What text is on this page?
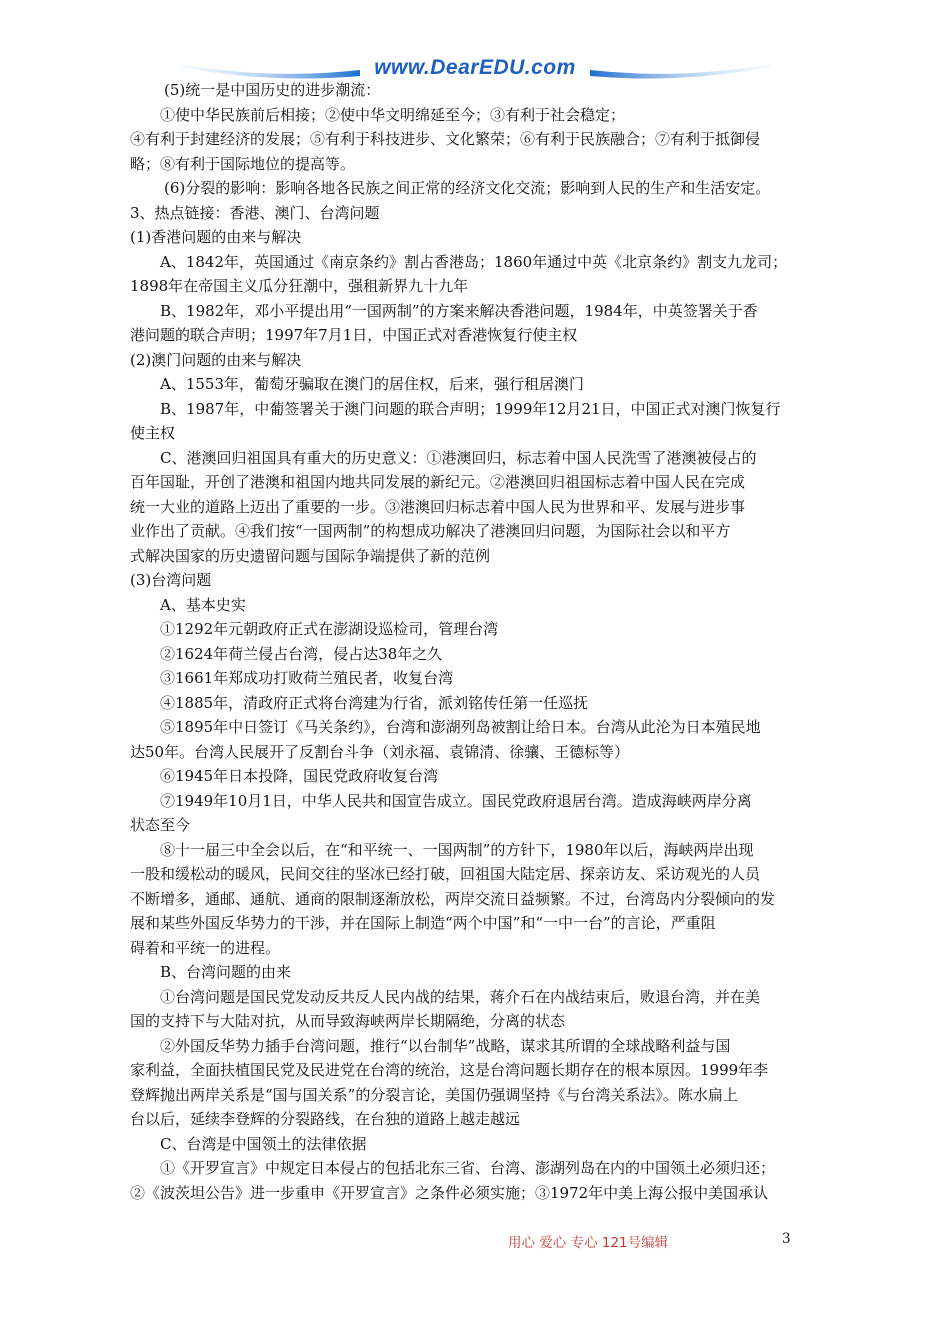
www.DearEDU.com
(5)统一是中国历史的进步潮流：
①使中华民族前后相接；②使中华文明绵延至今；③有利于社会稳定；
④有利于封建经济的发展；⑤有利于科技进步、文化繁荣；⑥有利于民族融合；⑦有利于抵御侵
略；⑧有利于国际地位的提高等。
(6)分裂的影响：影响各地各民族之间正常的经济文化交流；影响到人民的生产和生活安定。
3、热点链接：香港、澳门、台湾问题
(1)香港问题的由来与解决
A、1842年，英国通过《南京条约》割占香港岛；1860年通过中英《北京条约》割支九龙司；
1898年在帝国主义瓜分狂潮中，强租新界九十九年
B、1982年，邓小平提出用“一国两制”的方案来解决香港问题，1984年，中英签署关于香
港问题的联合声明；1997年7月1日，中国正式对香港恢复行使主权
(2)澳门问题的由来与解决
A、1553年，葡萄牙骗取在澳门的居住权，后来，强行租居澳门
B、1987年，中葡签署关于澳门问题的联合声明；1999年12月21日，中国正式对澳门恢复行
使主权
C、港澳回归祖国具有重大的历史意义：①港澳回归，标志着中国人民洗雪了港澳被侵占的
百年国耻，开创了港澳和祖国内地共同发展的新纪元。②港澳回归祖国标志着中国人民在完成
统一大业的道路上迈出了重要的一步。③港澳回归标志着中国人民为世界和平、发展与进步事
业作出了贡献。④我们按“一国两制”的构想成功解决了港澳回归问题，为国际社会以和平方
式解决国家的历史遗留问题与国际争端提供了新的范例
(3)台湾问题
A、基本史实
①1292年元朝政府正式在澎湖设巡检司，管理台湾
②1624年荷兰侵占台湾，侵占达38年之久
③1661年郑成功打败荷兰殖民者，收复台湾
④1885年，清政府正式将台湾建为行省，派刘铭传任第一任巡抚
⑤1895年中日签订《马关条约》，台湾和澎湖列岛被割让给日本。台湾从此沦为日本殖民地
达50年。台湾人民展开了反割台斗争（刘永福、袁锦清、徐骧、王德标等）
⑥1945年日本投降，国民党政府收复台湾
⑦1949年10月1日，中华人民共和国宣告成立。国民党政府退居台湾。造成海峡两岸分离
状态至今
⑧十一届三中全会以后，在“和平统一、一国两制”的方针下，1980年以后，海峡两岸出现
一股和缓松动的暖风，民间交往的坚冰已经打破，回祖国大陆定居、探亲访友、采访观光的人员
不断增多，通邮、通航、通商的限制逐渐放松，两岸交流日益频繁。不过，台湾岛内分裂倾向的发
展和某些外国反华势力的干涉，并在国际上制造“两个中国”和“一中一台”的言论，严重阻
碍着和平统一的进程。
B、台湾问题的由来
①台湾问题是国民党发动反共反人民内战的结果，蒋介石在内战结束后，败退台湾，并在美
国的支持下与大陆对抗，从而导致海峡两岸长期隔绝，分离的状态
②外国反华势力插手台湾问题，推行“以台制华”战略，谋求其所谓的全球战略利益与国
家利益，全面扶植国民党及民进党在台湾的统治，这是台湾问题长期存在的根本原因。1999年李
登辉抛出两岸关系是“国与国关系”的分裂言论，美国仍强调坚持《与台湾关系法》。陈水扁上
台以后，延续李登辉的分裂路线，在台独的道路上越走越远
C、台湾是中国领土的法律依据
①《开罗宣言》中规定日本侵占的包括北东三省、台湾、澎湖列岛在内的中国领土必须归还；
②《波茨坦公告》进一步重申《开罗宣言》之条件必须实施；③1972年中美上海公报中美国承认
用心 爱心 专心 121号编辑	3
